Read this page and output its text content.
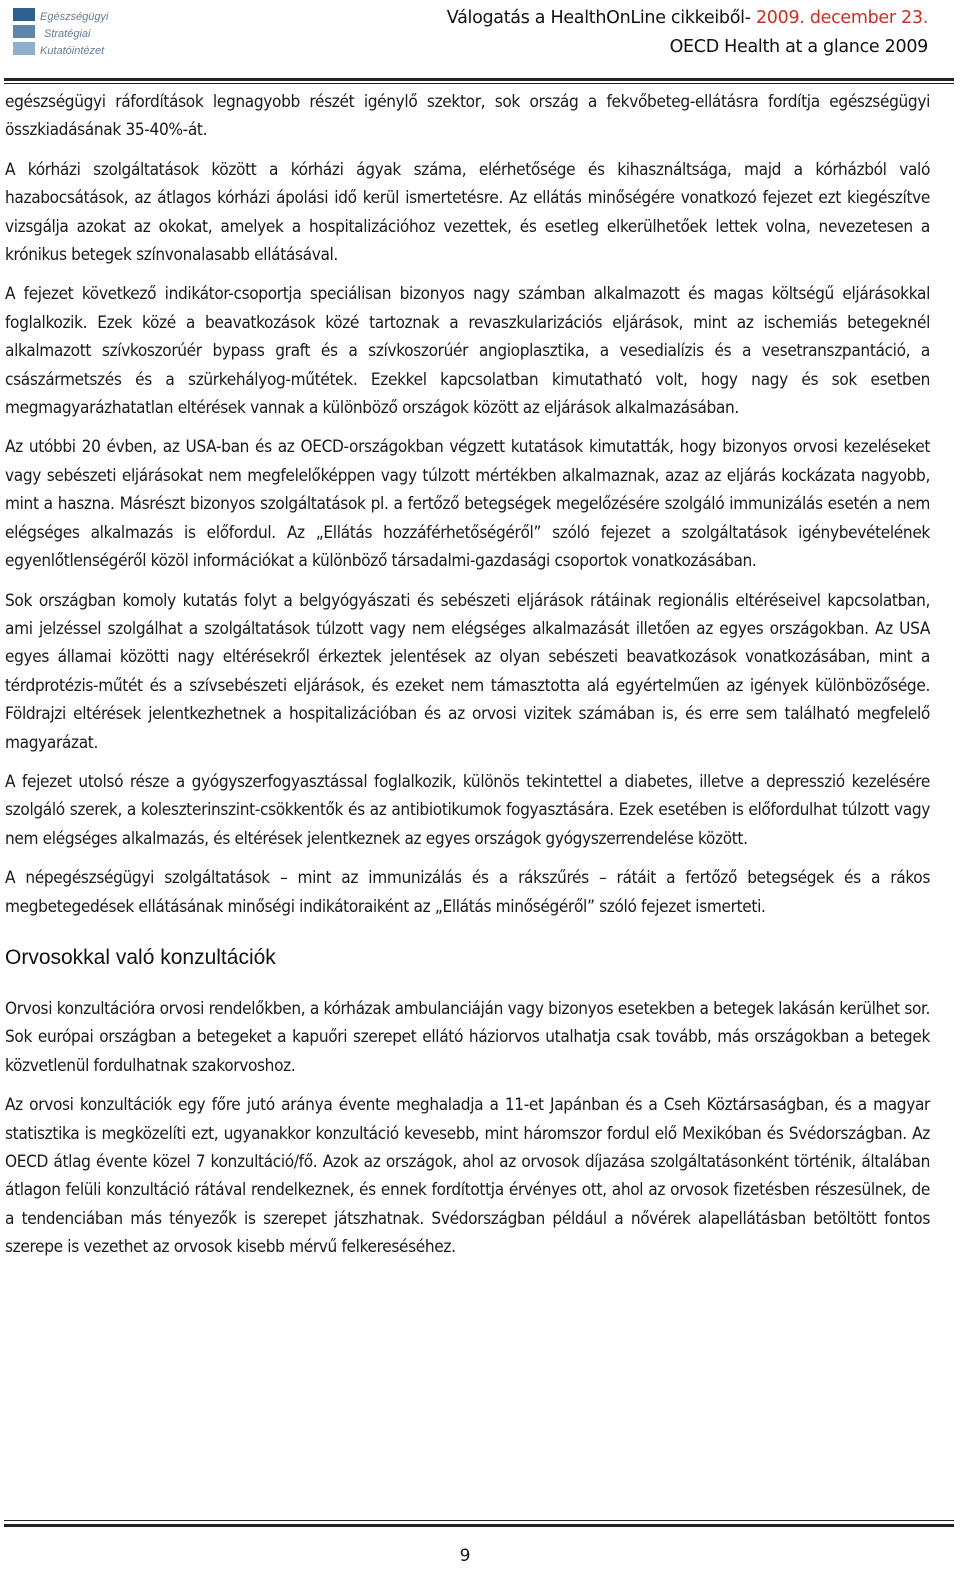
Egészségügyi
Stratégiai
Kutatóintézet
Válogatás a HealthOnLine cikkeiből- 2009. december 23.
OECD Health at a glance 2009

egészségügyi ráfordítások legnagyobb részét igénylő szektor, sok ország a fekvőbeteg-ellátásra fordítja egészségügyi összkiadásának 35-40%-át.

A kórházi szolgáltatások között a kórházi ágyak száma, elérhetősége és kihasználtsága, majd a kórházból való hazabocsátások, az átlagos kórházi ápolási idő kerül ismertetésre. Az ellátás minőségére vonatkozó fejezet ezt kiegészítve vizsgálja azokat az okokat, amelyek a hospitalizációhoz vezettek, és esetleg elkerülhetőek lettek volna, nevezetesen a krónikus betegek színvonalasabb ellátásával.

A fejezet következő indikátor-csoportja speciálisan bizonyos nagy számban alkalmazott és magas költségű eljárásokkal foglalkozik. Ezek közé a beavatkozások közé tartoznak a revaszkularizációs eljárások, mint az ischemiás betegeknél alkalmazott szívkoszorúér bypass graft és a szívkoszorúér angioplasztika, a vesedialízis és a vesetranszpantáció, a császármetszés és a szürkehályog-műtétek. Ezekkel kapcsolatban kimutatható volt, hogy nagy és sok esetben megmagyarázhatatlan eltérések vannak a különböző országok között az eljárások alkalmazásában.

Az utóbbi 20 évben, az USA-ban és az OECD-országokban végzett kutatások kimutatták, hogy bizonyos orvosi kezeléseket vagy sebészeti eljárásokat nem megfelelőképpen vagy túlzott mértékben alkalmaznak, azaz az eljárás kockázata nagyobb, mint a haszna. Másrészt bizonyos szolgáltatások pl. a fertőző betegségek megelőzésére szolgáló immunizálás esetén a nem elégséges alkalmazás is előfordul. Az „Ellátás hozzáférhetőségéről” szóló fejezet a szolgáltatások igénybevételének egyenlőtlenségéről közöl információkat a különböző társadalmi-gazdasági csoportok vonatkozásában.

Sok országban komoly kutatás folyt a belgyógyászati és sebészeti eljárások rátáinak regionális eltéréseivel kapcsolatban, ami jelzéssel szolgálhat a szolgáltatások túlzott vagy nem elégséges alkalmazását illetően az egyes országokban. Az USA egyes államai közötti nagy eltérésekről érkeztek jelentések az olyan sebészeti beavatkozások vonatkozásában, mint a térdprotézis-műtét és a szívsebészeti eljárások, és ezeket nem támasztotta alá egyértelműen az igények különbözősége. Földrajzi eltérések jelentkezhetnek a hospitalizációban és az orvosi vizitek számában is, és erre sem található megfelelő magyarázat.

A fejezet utolsó része a gyógyszerfogyasztással foglalkozik, különös tekintettel a diabetes, illetve a depresszió kezelésére szolgáló szerek, a koleszterinszint-csökkentők és az antibiotikumok fogyasztására. Ezek esetében is előfordulhat túlzott vagy nem elégséges alkalmazás, és eltérések jelentkeznek az egyes országok gyógyszerrendelése között.

A népegészségügyi szolgáltatások – mint az immunizálás és a rákszűrés – rátáit a fertőző betegségek és a rákos megbetegedések ellátásának minőségi indikátoraiként az „Ellátás minőségéről” szóló fejezet ismerteti.

Orvosokkal való konzultációk

Orvosi konzultációra orvosi rendelőkben, a kórházak ambulanciáján vagy bizonyos esetekben a betegek lakásán kerülhet sor. Sok európai országban a betegeket a kapuőri szerepet ellátó háziorvos utalhatja csak tovább, más országokban a betegek közvetlenül fordulhatnak szakorvoshoz.

Az orvosi konzultációk egy főre jutó aránya évente meghaladja a 11-et Japánban és a Cseh Köztársaságban, és a magyar statisztika is megközelíti ezt, ugyanakkor konzultáció kevesebb, mint háromszor fordul elő Mexikóban és Svédországban. Az OECD átlag évente közel 7 konzultáció/fő. Azok az országok, ahol az orvosok díjazása szolgáltatásonként történik, általában átlagon felüli konzultáció rátával rendelkeznek, és ennek fordítottja érvényes ott, ahol az orvosok fizetésben részesülnek, de a tendenciában más tényezők is szerepet játszhatnak. Svédországban például a nővérek alapellátásban betöltött fontos szerepe is vezethet az orvosok kisebb mérvű felkereséséhez.

9
